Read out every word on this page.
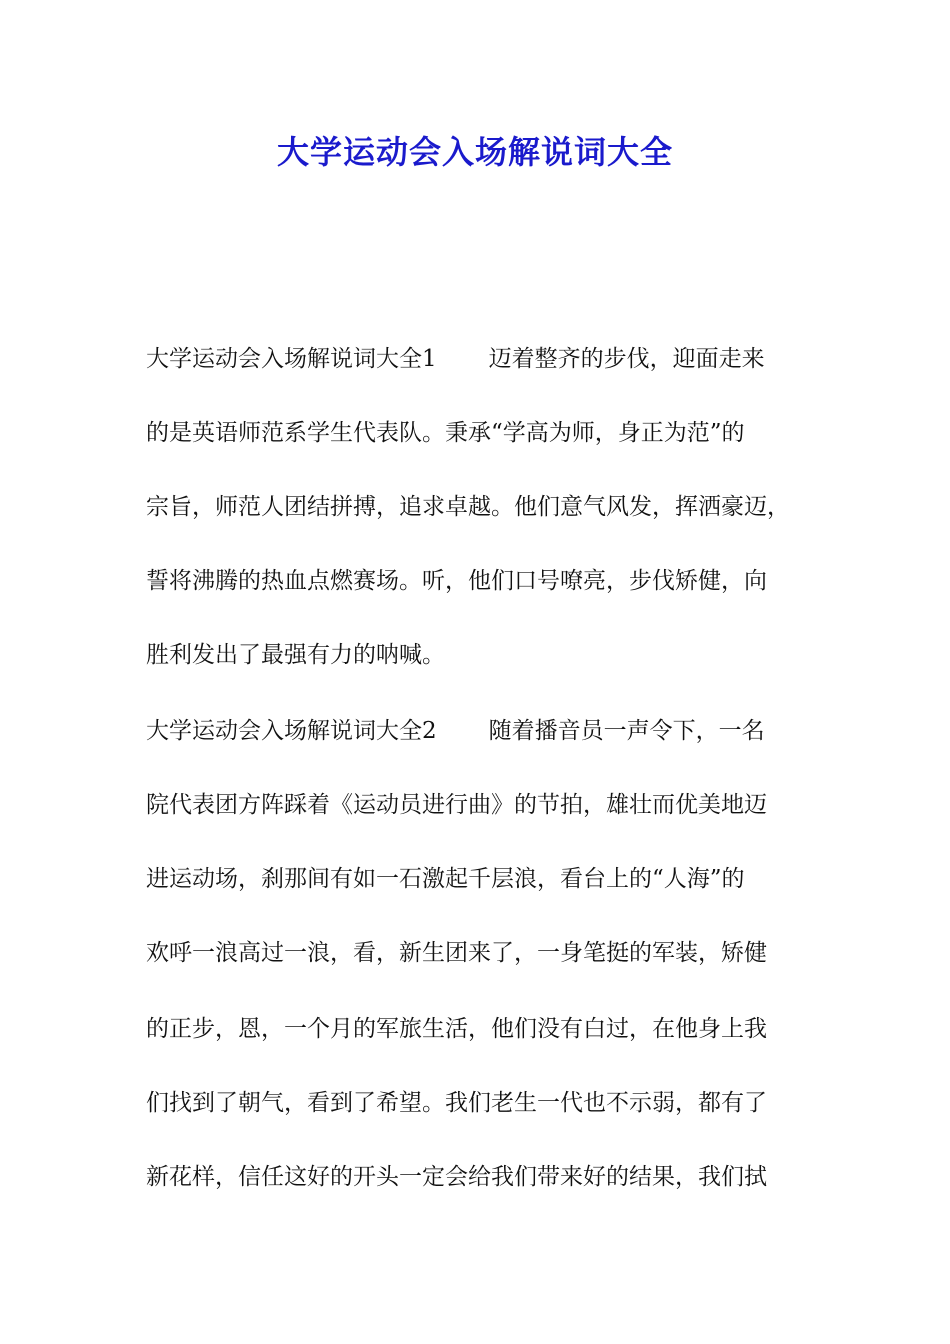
大学运动会入场解说词大全

大学运动会入场解说词大全1 迈着整齐的步伐，迎面走来

的是英语师范系学生代表队。秉承“学高为师，身正为范”的

宗旨，师范人团结拼搏，追求卓越。他们意气风发，挥洒豪迈，

誓将沸腾的热血点燃赛场。听，他们口号嘹亮，步伐矫健，向

胜利发出了最强有力的呐喊。

大学运动会入场解说词大全2 随着播音员一声令下，一名

院代表团方阵踩着《运动员进行曲》的节拍，雄壮而优美地迈

进运动场，刹那间有如一石激起千层浪，看台上的“人海”的

欢呼一浪高过一浪，看，新生团来了，一身笔挺的军装，矫健

的正步，恩，一个月的军旅生活，他们没有白过，在他身上我

们找到了朝气，看到了希望。我们老生一代也不示弱，都有了

新花样，信任这好的开头一定会给我们带来好的结果，我们拭
